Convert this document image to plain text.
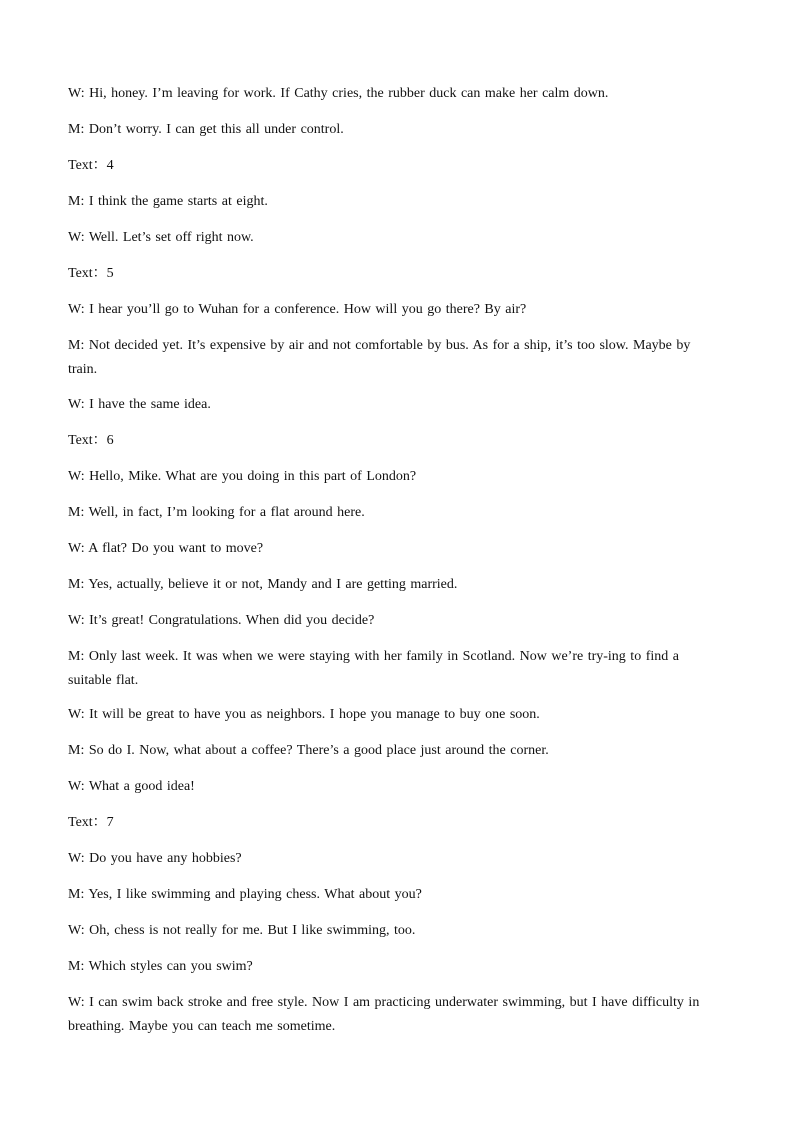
W: Hi, honey. I’m leaving for work. If Cathy cries, the rubber duck can make her calm down.
M: Don’t worry. I can get this all under control.
Text：4
M: I think the game starts at eight.
W: Well. Let’s set off right now.
Text：5
W: I hear you’ll go to Wuhan for a conference. How will you go there? By air?
M: Not decided yet. It’s expensive by air and not comfortable by bus. As for a ship, it’s too slow. Maybe by train.
W: I have the same idea.
Text：6
W: Hello, Mike. What are you doing in this part of London?
M: Well, in fact, I’m looking for a flat around here.
W: A flat? Do you want to move?
M: Yes, actually, believe it or not, Mandy and I are getting married.
W: It’s great! Congratulations. When did you decide?
M: Only last week. It was when we were staying with her family in Scotland. Now we’re try-ing to find a suitable flat.
W: It will be great to have you as neighbors. I hope you manage to buy one soon.
M: So do I. Now, what about a coffee? There’s a good place just around the corner.
W: What a good idea!
Text：7
W: Do you have any hobbies?
M: Yes, I like swimming and playing chess. What about you?
W: Oh, chess is not really for me. But I like swimming, too.
M: Which styles can you swim?
W: I can swim back stroke and free style. Now I am practicing underwater swimming, but I have difficulty in breathing. Maybe you can teach me sometime.
